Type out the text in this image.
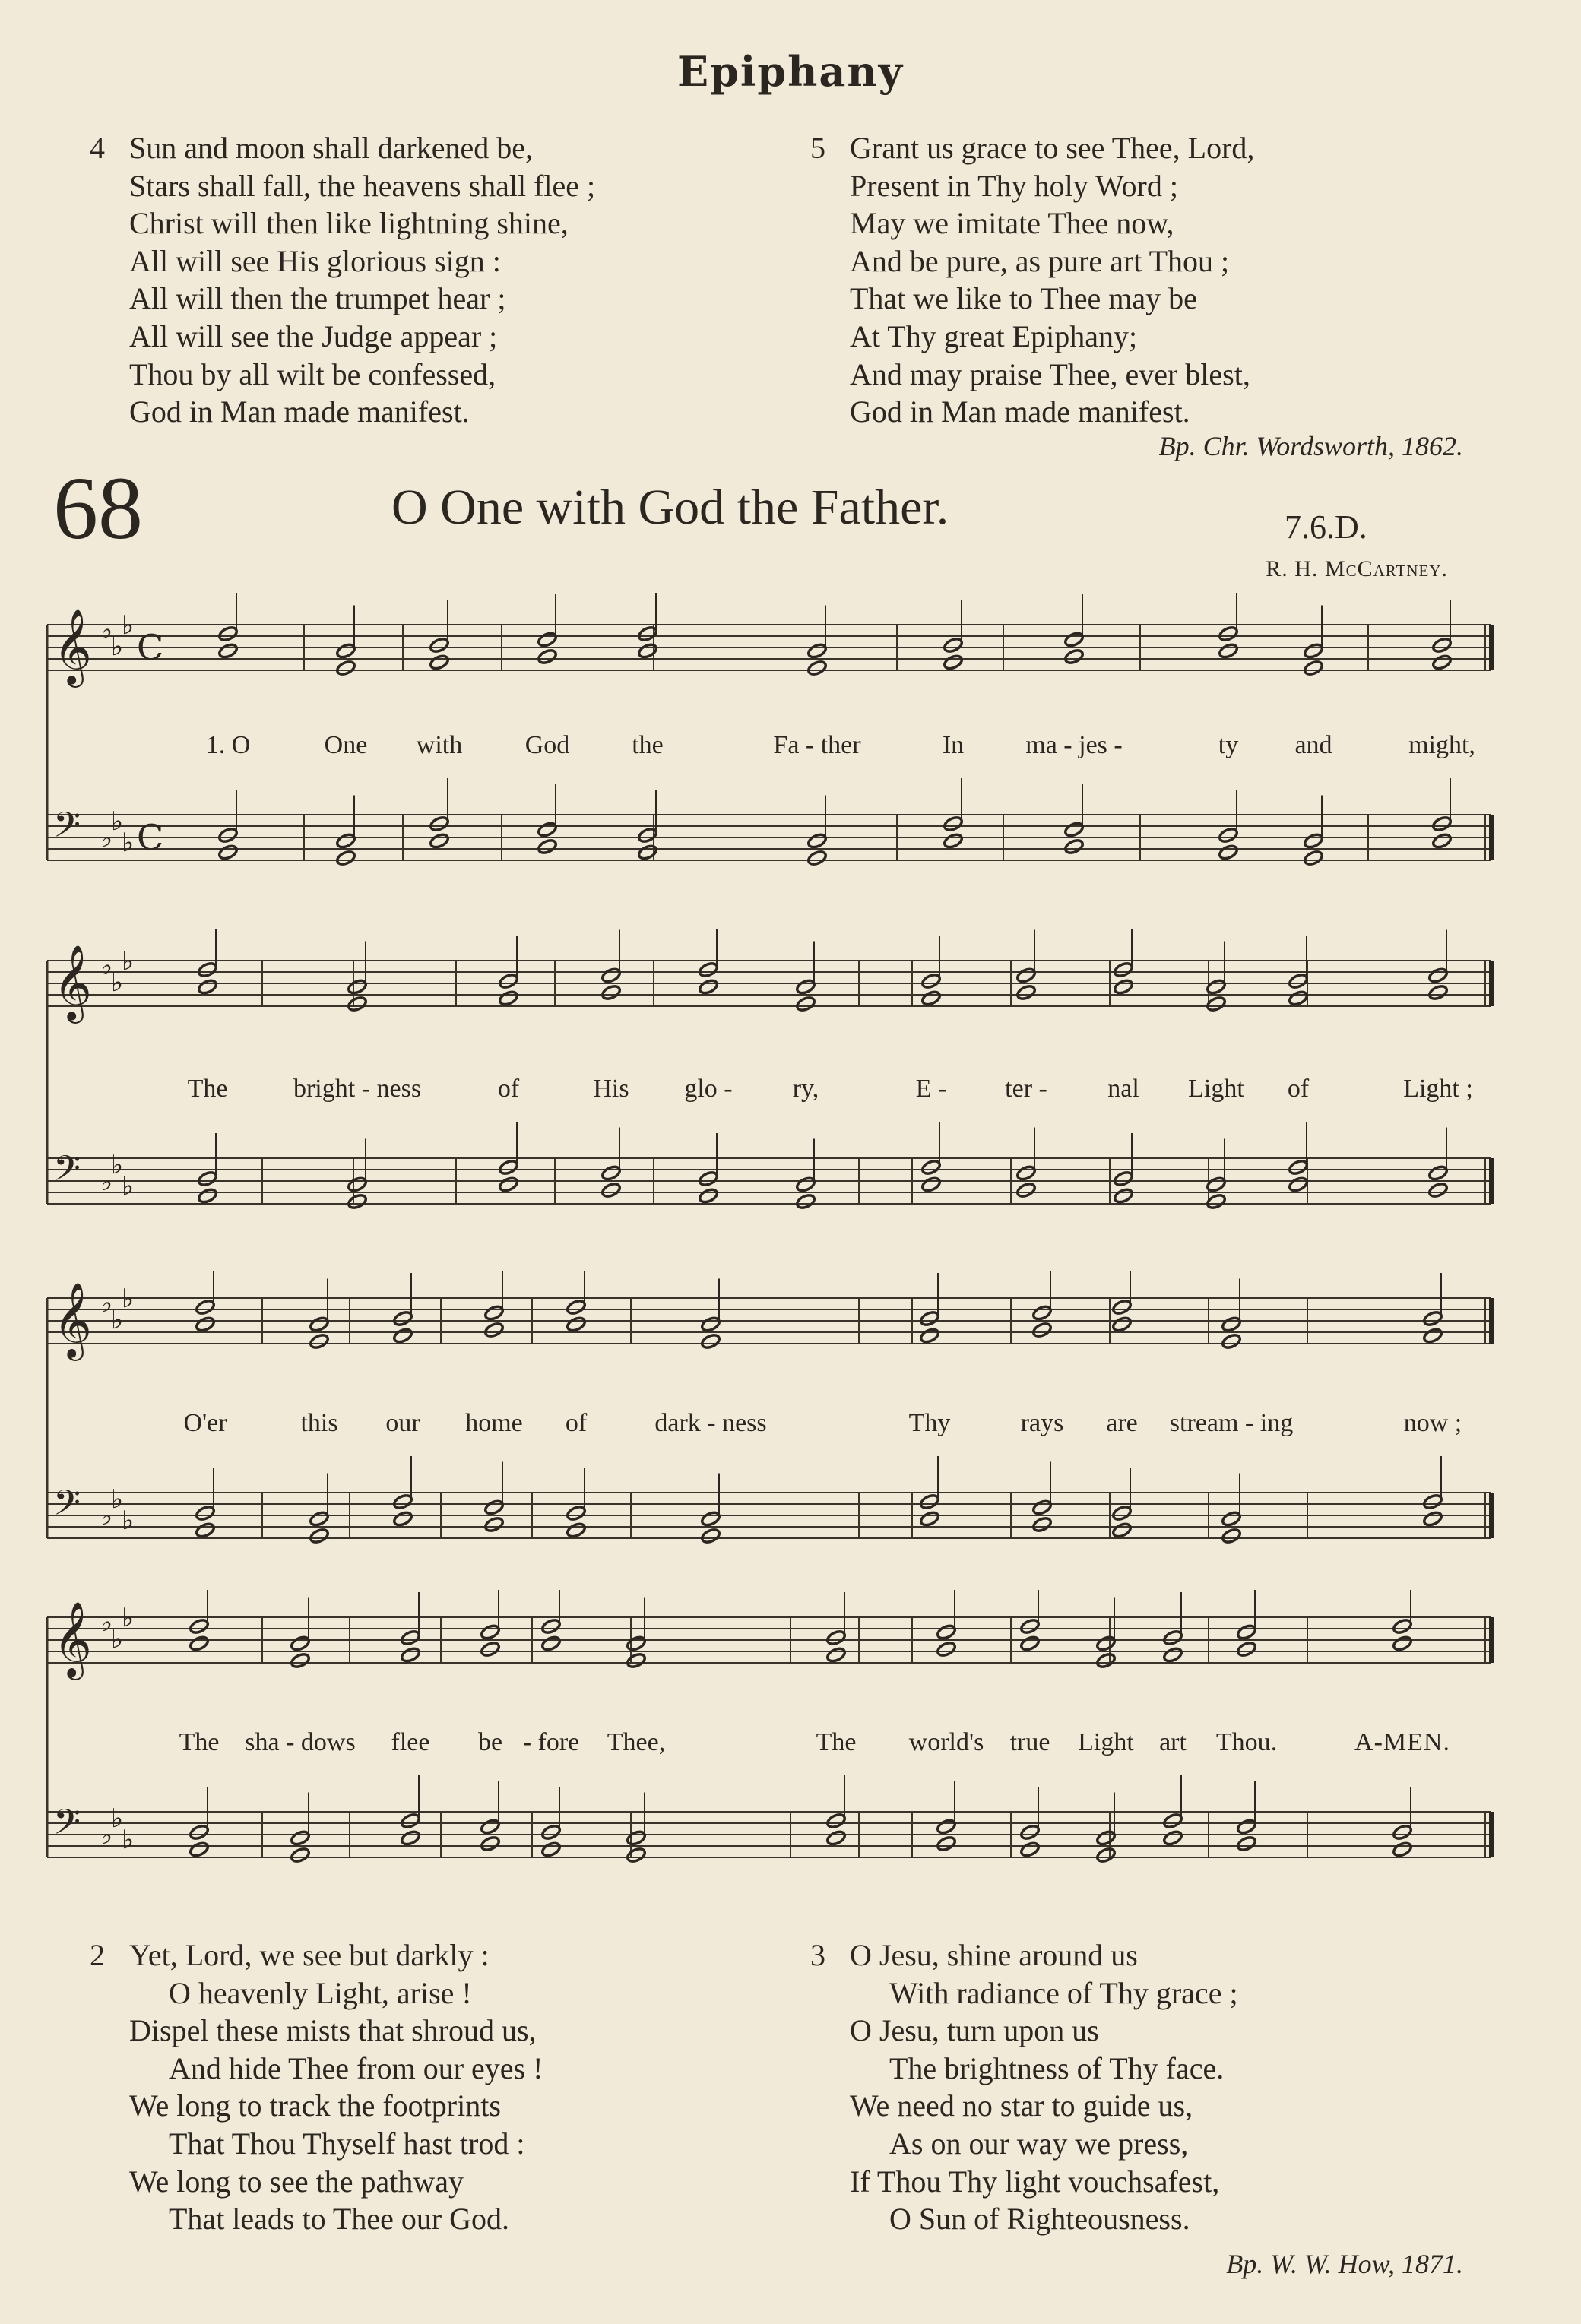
Epiphany
4 Sun and moon shall darkened be,
Stars shall fall, the heavens shall flee ;
Christ will then like lightning shine,
All will see His glorious sign :
All will then the trumpet hear ;
All will see the Judge appear ;
Thou by all wilt be confessed,
God in Man made manifest.
5 Grant us grace to see Thee, Lord,
Present in Thy holy Word ;
May we imitate Thee now,
And be pure, as pure art Thou ;
That we like to Thee may be
At Thy great Epiphany;
And may praise Thee, ever blest,
God in Man made manifest.
Bp. Chr. Wordsworth, 1862.
68	O One with God the Father.	7.6.D.
R. H. McCartney.
𝄞 ♭
♭
♭
C
𝄢 ♭
♭
♭ C
1. O	One with God the	Fa - ther	In ma - jes -	ty and	might,
𝄞 ♭
♭
♭
𝄢 ♭
♭
♭
The	bright - ness	of	His glo - ry,	E - ter - nal Light of	Light ;
𝄞 ♭
♭
♭
𝄢 ♭
♭
♭
O'er	this our home of	dark - ness	Thy	rays are stream - ing	now ;
𝄞 ♭
♭
♭
𝄢 ♭
♭
♭
The sha - dows flee be - fore Thee,	The world's true Light art Thou.	A-MEN.
2 Yet, Lord, we see but darkly :
O heavenly Light, arise !
Dispel these mists that shroud us,
And hide Thee from our eyes !
We long to track the footprints
That Thou Thyself hast trod :
We long to see the pathway
That leads to Thee our God.
3 O Jesu, shine around us
With radiance of Thy grace ;
O Jesu, turn upon us
The brightness of Thy face.
We need no star to guide us,
As on our way we press,
If Thou Thy light vouchsafest,
O Sun of Righteousness.
Bp. W. W. How, 1871.
